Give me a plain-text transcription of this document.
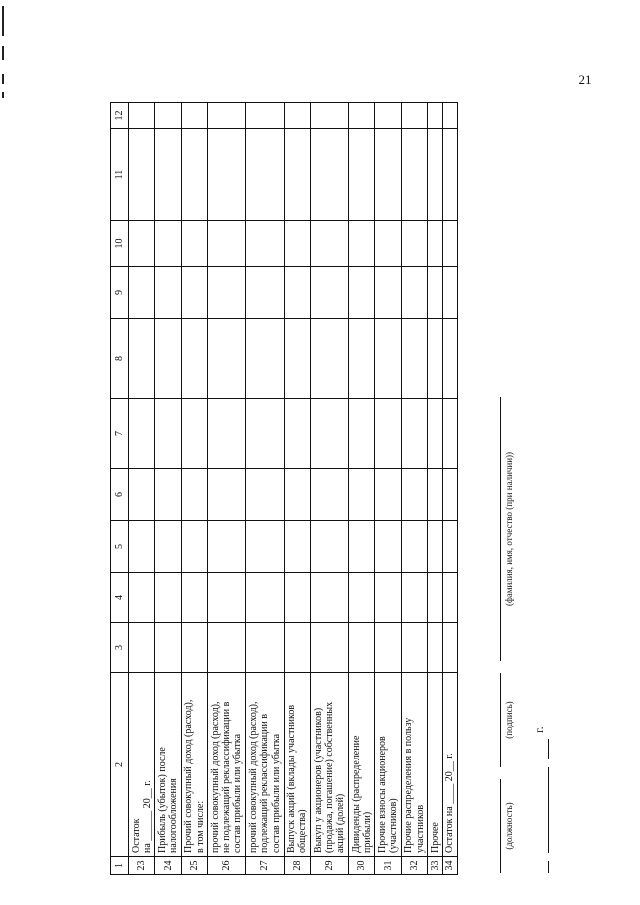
21
1	2	3	4	5	6	7	8	9	10	11	12
23	Остаток на ______ 20__ г.										

24	Прибыль (убыток) после налогообложения										

25	Прочий совокупный доход (расход), в том числе:										

26	прочий совокупный доход (расход), не подлежащий реклассификации в состав прибыли или убытка										

27	прочий совокупный доход (расход), подлежащий реклассификации в состав прибыли или убытка										

28	Выпуск акций (вклады участников общества)										

29	Выкуп у акционеров (участников) (продажа, погашение) собственных акций (долей)										

30	Дивиденды (распределение прибыли)										

31	Прочие взносы акционеров (участников)										

32	Прочие распределения в пользу участников										

33	Прочее										

34	Остаток на ____ 20__ г.										
											(должность)
(подпись)
(фамилия, имя, отчество (при наличии))
г.
